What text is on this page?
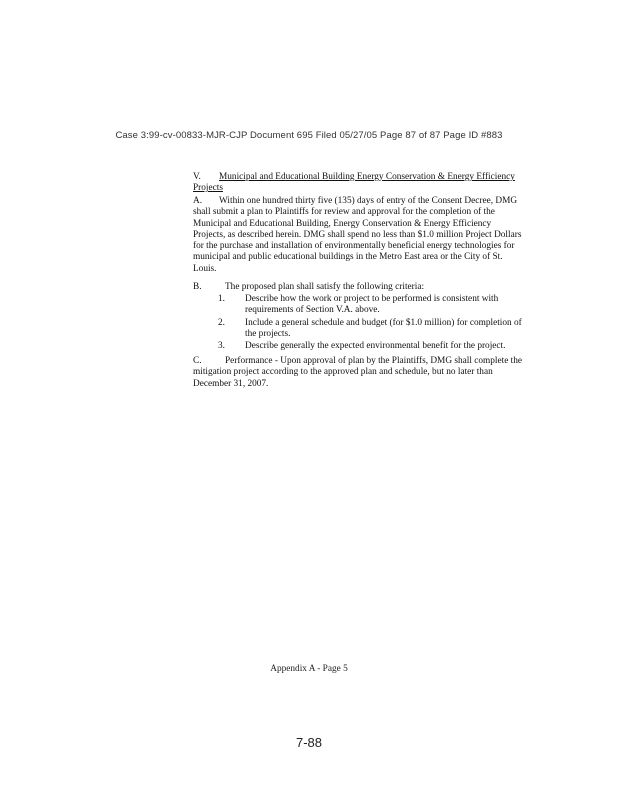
Case 3:99-cv-00833-MJR-CJP Document 695 Filed 05/27/05 Page 87 of 87 Page ID #883
V. Municipal and Educational Building Energy Conservation & Energy Efficiency Projects
A. Within one hundred thirty five (135) days of entry of the Consent Decree, DMG shall submit a plan to Plaintiffs for review and approval for the completion of the Municipal and Educational Building, Energy Conservation & Energy Efficiency Projects, as described herein. DMG shall spend no less than $1.0 million Project Dollars for the purchase and installation of environmentally beneficial energy technologies for municipal and public educational buildings in the Metro East area or the City of St. Louis.
B.	The proposed plan shall satisfy the following criteria:
1.	Describe how the work or project to be performed is consistent with requirements of Section V.A. above.
2.	Include a general schedule and budget (for $1.0 million) for completion of the projects.
3.	Describe generally the expected environmental benefit for the project.
C.	Performance - Upon approval of plan by the Plaintiffs, DMG shall complete the mitigation project according to the approved plan and schedule, but no later than December 31, 2007.
Appendix A - Page 5
7-88
